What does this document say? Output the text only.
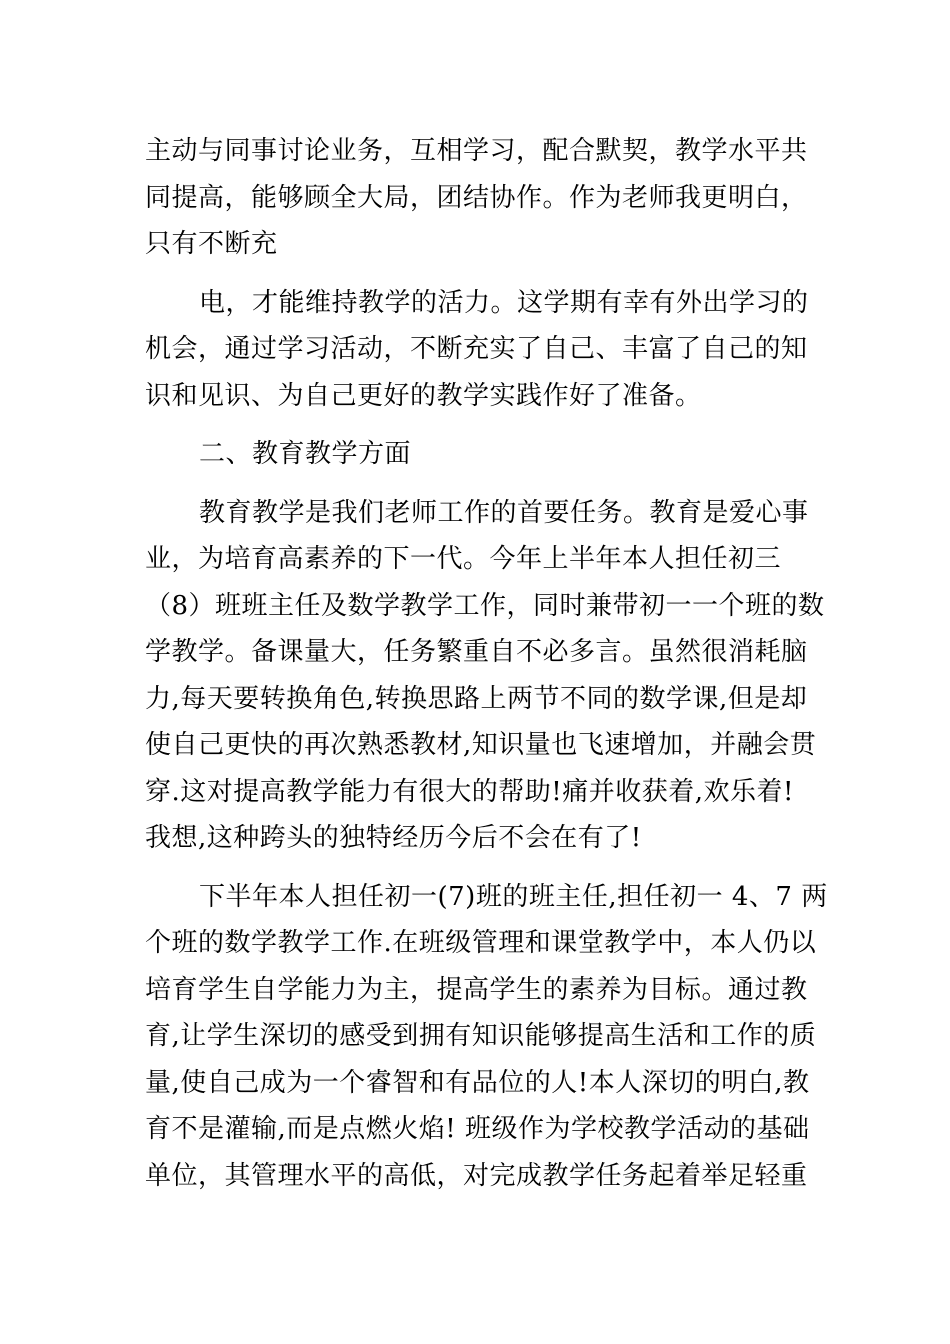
主动与同事讨论业务，互相学习，配合默契，教学水平共
同提高，能够顾全大局，团结协作。作为老师我更明白，
只有不断充
电，才能维持教学的活力。这学期有幸有外出学习的
机会，通过学习活动，不断充实了自己、丰富了自己的知
识和见识、为自己更好的教学实践作好了准备。
二、教育教学方面
教育教学是我们老师工作的首要任务。教育是爱心事
业，为培育高素养的下一代。今年上半年本人担任初三
（8）班班主任及数学教学工作，同时兼带初一一个班的数
学教学。备课量大，任务繁重自不必多言。虽然很消耗脑
力,每天要转换角色,转换思路上两节不同的数学课,但是却
使自己更快的再次熟悉教材,知识量也飞速增加，并融会贯
穿.这对提高教学能力有很大的帮助!痛并收获着,欢乐着!
我想,这种跨头的独特经历今后不会在有了!
下半年本人担任初一(7)班的班主任,担任初一 4、7 两
个班的数学教学工作.在班级管理和课堂教学中，本人仍以
培育学生自学能力为主，提高学生的素养为目标。通过教
育,让学生深切的感受到拥有知识能够提高生活和工作的质
量,使自己成为一个睿智和有品位的人!本人深切的明白,教
育不是灌输,而是点燃火焰! 班级作为学校教学活动的基础
单位，其管理水平的高低，对完成教学任务起着举足轻重
